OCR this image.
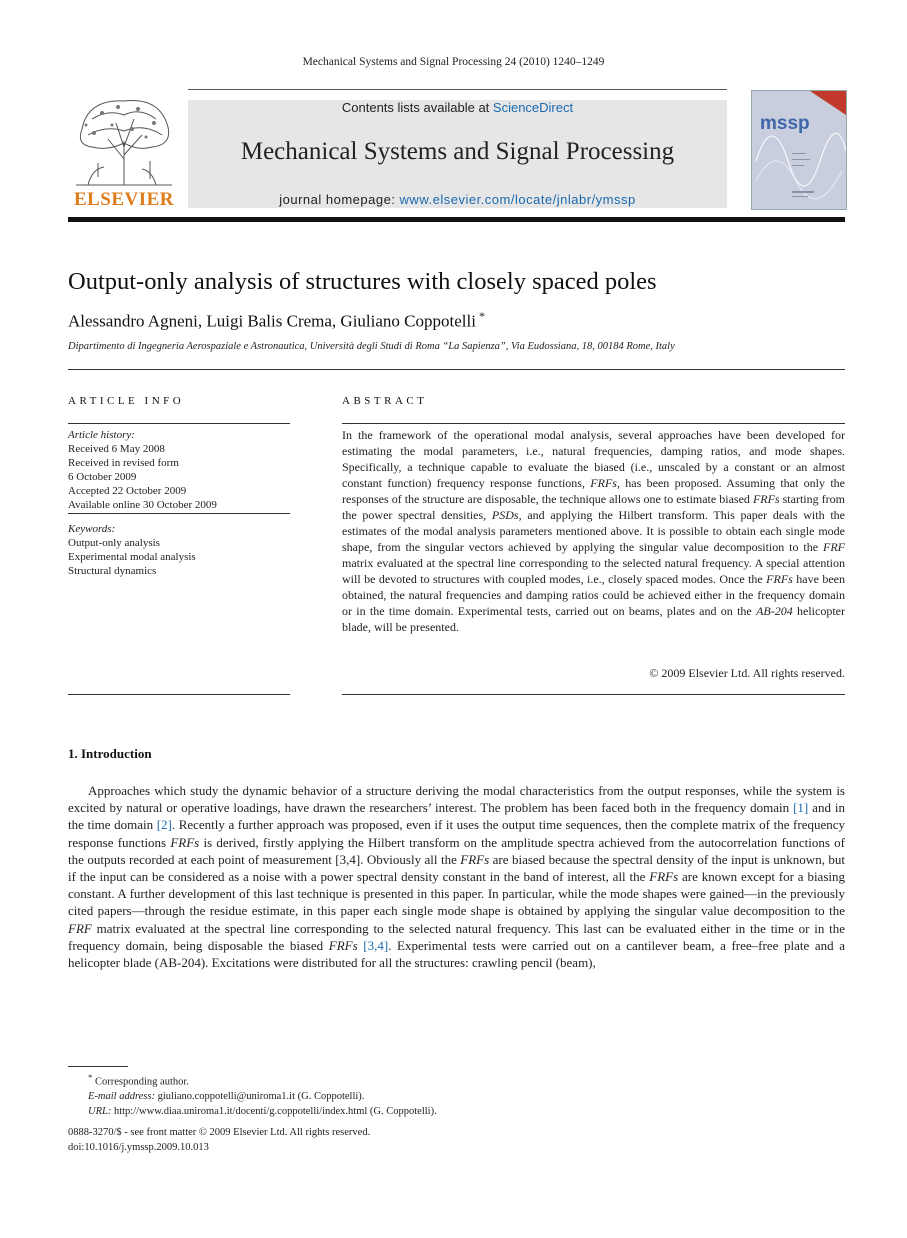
Mechanical Systems and Signal Processing 24 (2010) 1240–1249
ELSEVIER
Contents lists available at ScienceDirect
Mechanical Systems and Signal Processing
journal homepage: www.elsevier.com/locate/jnlabr/ymssp
mssp
Output-only analysis of structures with closely spaced poles
Alessandro Agneni, Luigi Balis Crema, Giuliano Coppotelli *
Dipartimento di Ingegneria Aerospaziale e Astronautica, Università degli Studi di Roma “La Sapienza”, Via Eudossiana, 18, 00184 Rome, Italy
ARTICLE INFO	ABSTRACT
Article history:
Received 6 May 2008
Received in revised form
6 October 2009
Accepted 22 October 2009
Available online 30 October 2009
Keywords:
Output-only analysis
Experimental modal analysis
Structural dynamics
In the framework of the operational modal analysis, several approaches have been developed for estimating the modal parameters, i.e., natural frequencies, damping ratios, and mode shapes. Specifically, a technique capable to evaluate the biased (i.e., unscaled by a constant or an almost constant function) frequency response functions, FRFs, has been proposed. Assuming that only the responses of the structure are disposable, the technique allows one to estimate biased FRFs starting from the power spectral densities, PSDs, and applying the Hilbert transform. This paper deals with the estimates of the modal analysis parameters mentioned above. It is possible to obtain each single mode shape, from the singular vectors achieved by applying the singular value decomposition to the FRF matrix evaluated at the spectral line corresponding to the selected natural frequency. A special attention will be devoted to structures with coupled modes, i.e., closely spaced modes. Once the FRFs have been obtained, the natural frequencies and damping ratios could be achieved either in the frequency domain or in the time domain. Experimental tests, carried out on beams, plates and on the AB-204 helicopter blade, will be presented.
© 2009 Elsevier Ltd. All rights reserved.
1. Introduction
Approaches which study the dynamic behavior of a structure deriving the modal characteristics from the output responses, while the system is excited by natural or operative loadings, have drawn the researchers’ interest. The problem has been faced both in the frequency domain [1] and in the time domain [2]. Recently a further approach was proposed, even if it uses the output time sequences, then the complete matrix of the frequency response functions FRFs is derived, firstly applying the Hilbert transform on the amplitude spectra achieved from the autocorrelation functions of the outputs recorded at each point of measurement [3,4]. Obviously all the FRFs are biased because the spectral density of the input is unknown, but if the input can be considered as a noise with a power spectral density constant in the band of interest, all the FRFs are known except for a biasing constant. A further development of this last technique is presented in this paper. In particular, while the mode shapes were gained—in the previously cited papers—through the residue estimate, in this paper each single mode shape is obtained by applying the singular value decomposition to the FRF matrix evaluated at the spectral line corresponding to the selected natural frequency. This last can be evaluated either in the time or in the frequency domain, being disposable the biased FRFs [3,4]. Experimental tests were carried out on a cantilever beam, a free–free plate and a helicopter blade (AB-204). Excitations were distributed for all the structures: crawling pencil (beam),
* Corresponding author.
E-mail address: giuliano.coppotelli@uniroma1.it (G. Coppotelli).
URL: http://www.diaa.uniroma1.it/docenti/g.coppotelli/index.html (G. Coppotelli).
0888-3270/$ - see front matter © 2009 Elsevier Ltd. All rights reserved.
doi:10.1016/j.ymssp.2009.10.013
